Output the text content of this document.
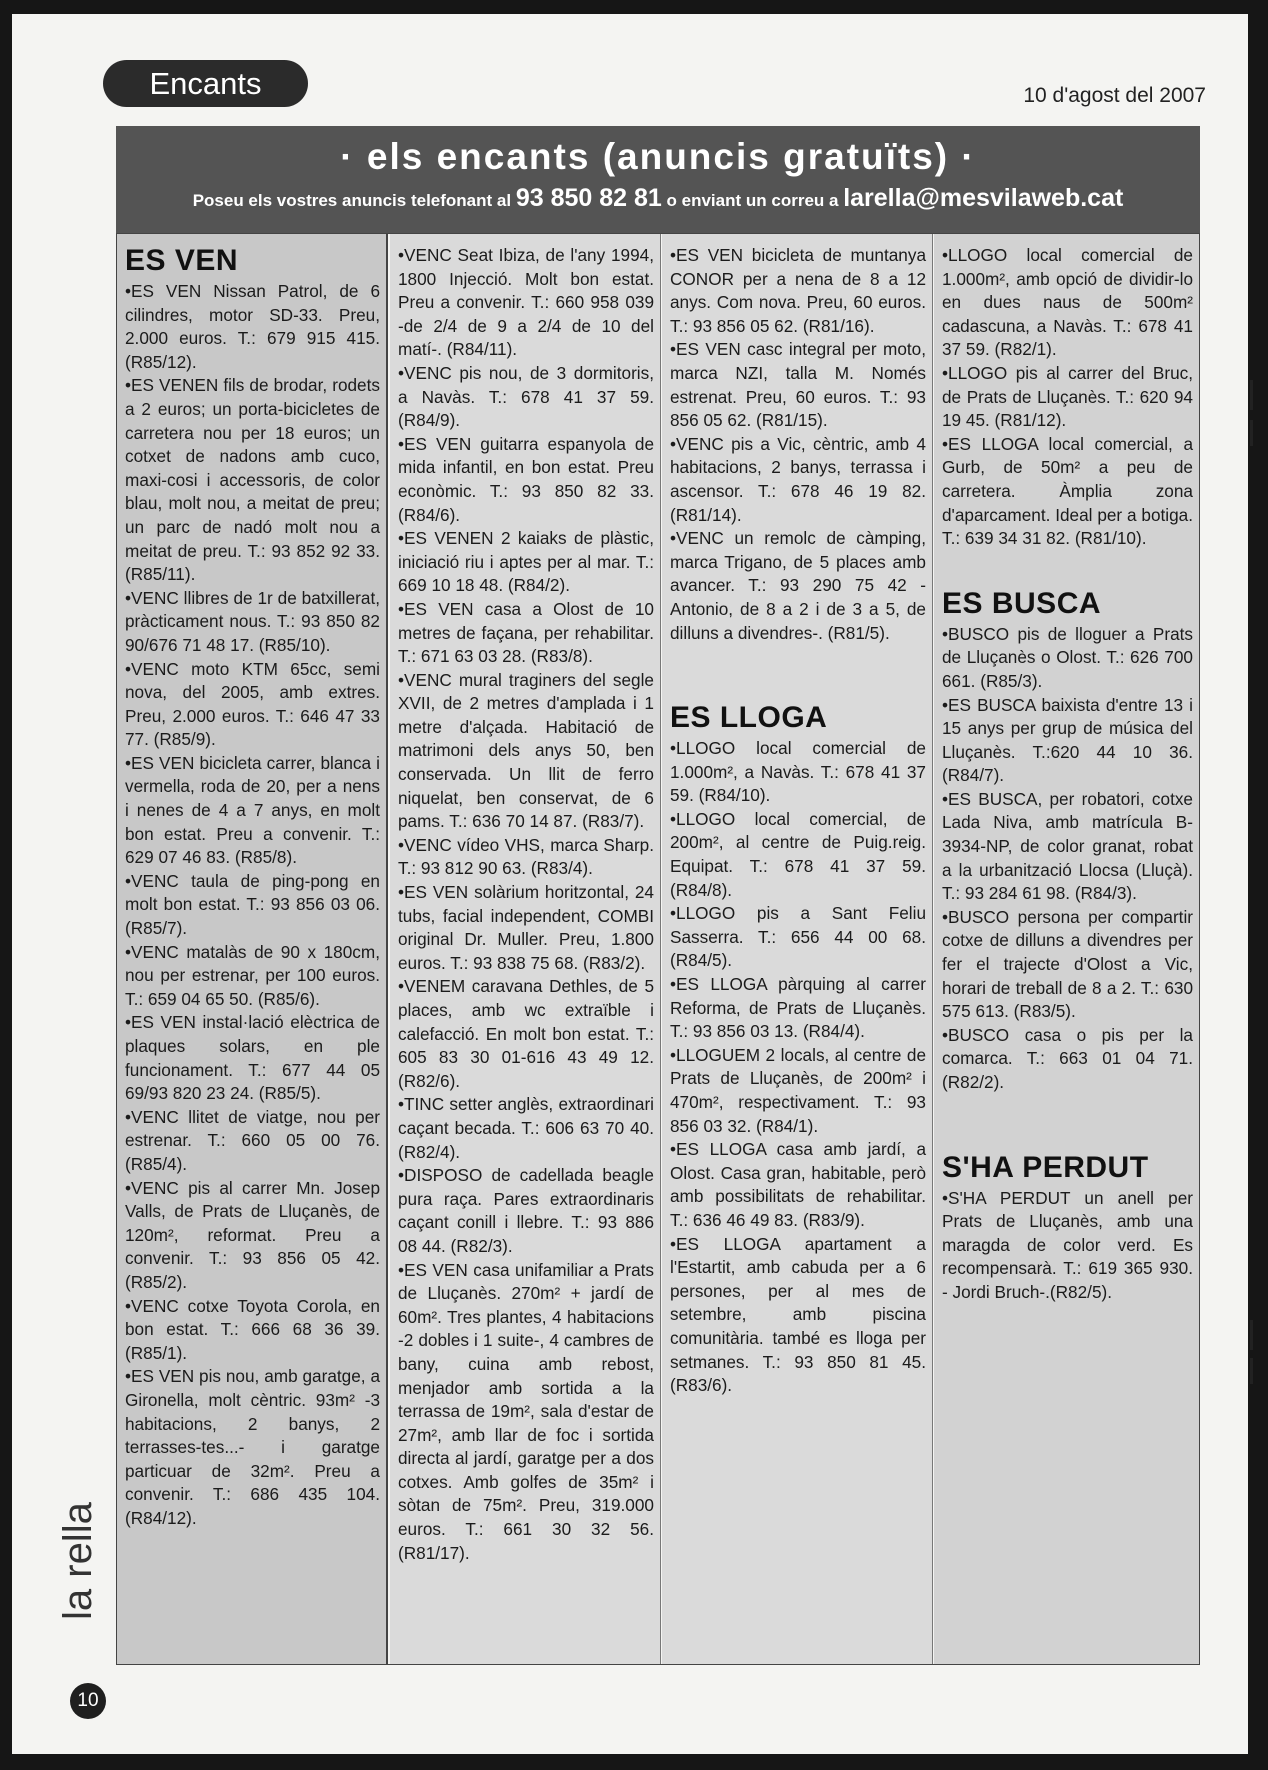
Encants	10 d'agost del 2007
· els encants (anuncis gratuïts) ·
Poseu els vostres anuncis telefonant al 93 850 82 81 o enviant un correu a larella@mesvilaweb.cat
ES VEN

• ES VEN Nissan Patrol, de 6 cilindres, motor SD-33. Preu, 2.000 euros. T.: 679 915 415. (R85/12).

• ES VENEN fils de brodar, rodets a 2 euros; un porta-bicicletes de carretera nou per 18 euros; un cotxet de nadons amb cuco, maxi-cosi i accessoris, de color blau, molt nou, a meitat de preu; un parc de nadó molt nou a meitat de preu. T.: 93 852 92 33. (R85/11).

• VENC llibres de 1r de batxillerat, pràcticament nous. T.: 93 850 82 90/676 71 48 17. (R85/10).

• VENC moto KTM 65cc, semi nova, del 2005, amb extres. Preu, 2.000 euros. T.: 646 47 33 77. (R85/9).

• ES VEN bicicleta carrer, blanca i vermella, roda de 20, per a nens i nenes de 4 a 7 anys, en molt bon estat. Preu a convenir. T.: 629 07 46 83. (R85/8).

• VENC taula de ping-pong en molt bon estat. T.: 93 856 03 06. (R85/7).

• VENC matalàs de 90 x 180cm, nou per estrenar, per 100 euros. T.: 659 04 65 50. (R85/6).

• ES VEN instal·lació elèctrica de plaques solars, en ple funcionament. T.: 677 44 05 69/93 820 23 24. (R85/5).

• VENC llitet de viatge, nou per estrenar. T.: 660 05 00 76. (R85/4).

• VENC pis al carrer Mn. Josep Valls, de Prats de Lluçanès, de 120m², reformat. Preu a convenir. T.: 93 856 05 42. (R85/2).

• VENC cotxe Toyota Corola, en bon estat. T.: 666 68 36 39. (R85/1).

• ES VEN pis nou, amb garatge, a Gironella, molt cèntric. 93m² -3 habitacions, 2 banys, 2 terrasses-tes...- i garatge particuar de 32m². Preu a convenir. T.: 686 435 104. (R84/12).

• VENC Seat Ibiza, de l'any 1994, 1800 Injecció. Molt bon estat. Preu a convenir. T.: 660 958 039 -de 2/4 de 9 a 2/4 de 10 del matí-. (R84/11).

• VENC pis nou, de 3 dormitoris, a Navàs. T.: 678 41 37 59. (R84/9).

• ES VEN guitarra espanyola de mida infantil, en bon estat. Preu econòmic. T.: 93 850 82 33. (R84/6).

• ES VENEN 2 kaiaks de plàstic, iniciació riu i aptes per al mar. T.: 669 10 18 48. (R84/2).

• ES VEN casa a Olost de 10 metres de façana, per rehabilitar. T.: 671 63 03 28. (R83/8).

• VENC mural traginers del segle XVII, de 2 metres d'amplada i 1 metre d'alçada. Habitació de matrimoni dels anys 50, ben conservada. Un llit de ferro niquelat, ben conservat, de 6 pams. T.: 636 70 14 87. (R83/7).

• VENC vídeo VHS, marca Sharp. T.: 93 812 90 63. (R83/4).

• ES VEN solàrium horitzontal, 24 tubs, facial independent, COMBI original Dr. Muller. Preu, 1.800 euros. T.: 93 838 75 68. (R83/2).

• VENEM caravana Dethles, de 5 places, amb wc extraïble i calefacció. En molt bon estat. T.: 605 83 30 01-616 43 49 12. (R82/6).

• TINC setter anglès, extraordinari caçant becada. T.: 606 63 70 40. (R82/4).

• DISPOSO de cadellada beagle pura raça. Pares extraordinaris caçant conill i llebre. T.: 93 886 08 44. (R82/3).

• ES VEN casa unifamiliar a Prats de Lluçanès. 270m² + jardí de 60m². Tres plantes, 4 habitacions -2 dobles i 1 suite-, 4 cambres de bany, cuina amb rebost, menjador amb sortida a la terrassa de 19m², sala d'estar de 27m², amb llar de foc i sortida directa al jardí, garatge per a dos cotxes. Amb golfes de 35m² i sòtan de 75m². Preu, 319.000 euros. T.: 661 30 32 56. (R81/17).

• ES VEN bicicleta de muntanya CONOR per a nena de 8 a 12 anys. Com nova. Preu, 60 euros. T.: 93 856 05 62. (R81/16).

• ES VEN casc integral per moto, marca NZI, talla M. Només estrenat. Preu, 60 euros. T.: 93 856 05 62. (R81/15).

• VENC pis a Vic, cèntric, amb 4 habitacions, 2 banys, terrassa i ascensor. T.: 678 46 19 82. (R81/14).

• VENC un remolc de càmping, marca Trigano, de 5 places amb avancer. T.: 93 290 75 42 -Antonio, de 8 a 2 i de 3 a 5, de dilluns a divendres-. (R81/5).

ES LLOGA

• LLOGO local comercial de 1.000m², a Navàs. T.: 678 41 37 59. (R84/10).

• LLOGO local comercial, de 200m², al centre de Puig.reig. Equipat. T.: 678 41 37 59. (R84/8).

• LLOGO pis a Sant Feliu Sasserra. T.: 656 44 00 68. (R84/5).

• ES LLOGA pàrquing al carrer Reforma, de Prats de Lluçanès. T.: 93 856 03 13. (R84/4).

• LLOGUEM 2 locals, al centre de Prats de Lluçanès, de 200m² i 470m², respectivament. T.: 93 856 03 32. (R84/1).

• ES LLOGA casa amb jardí, a Olost. Casa gran, habitable, però amb possibilitats de rehabilitar. T.: 636 46 49 83. (R83/9).

• ES LLOGA apartament a l'Estartit, amb cabuda per a 6 persones, per al mes de setembre, amb piscina comunitària. també es lloga per setmanes. T.: 93 850 81 45. (R83/6).

• LLOGO local comercial de 1.000m², amb opció de dividir-lo en dues naus de 500m² cadascuna, a Navàs. T.: 678 41 37 59. (R82/1).

• LLOGO pis al carrer del Bruc, de Prats de Lluçanès. T.: 620 94 19 45. (R81/12).

• ES LLOGA local comercial, a Gurb, de 50m² a peu de carretera. Àmplia zona d'aparcament. Ideal per a botiga. T.: 639 34 31 82. (R81/10).

ES BUSCA

• BUSCO pis de lloguer a Prats de Lluçanès o Olost. T.: 626 700 661. (R85/3).

• ES BUSCA baixista d'entre 13 i 15 anys per grup de música del Lluçanès. T.:620 44 10 36. (R84/7).

• ES BUSCA, per robatori, cotxe Lada Niva, amb matrícula B-3934-NP, de color granat, robat a la urbanització Llocsa (Lluçà). T.: 93 284 61 98. (R84/3).

• BUSCO persona per compartir cotxe de dilluns a divendres per fer el trajecte d'Olost a Vic, horari de treball de 8 a 2. T.: 630 575 613. (R83/5).

• BUSCO casa o pis per la comarca. T.: 663 01 04 71. (R82/2).

S'HA PERDUT

• S'HA PERDUT un anell per Prats de Lluçanès, amb una maragda de color verd. Es recompensarà. T.: 619 365 930. - Jordi Bruch-.(R82/5).

la rella
10
